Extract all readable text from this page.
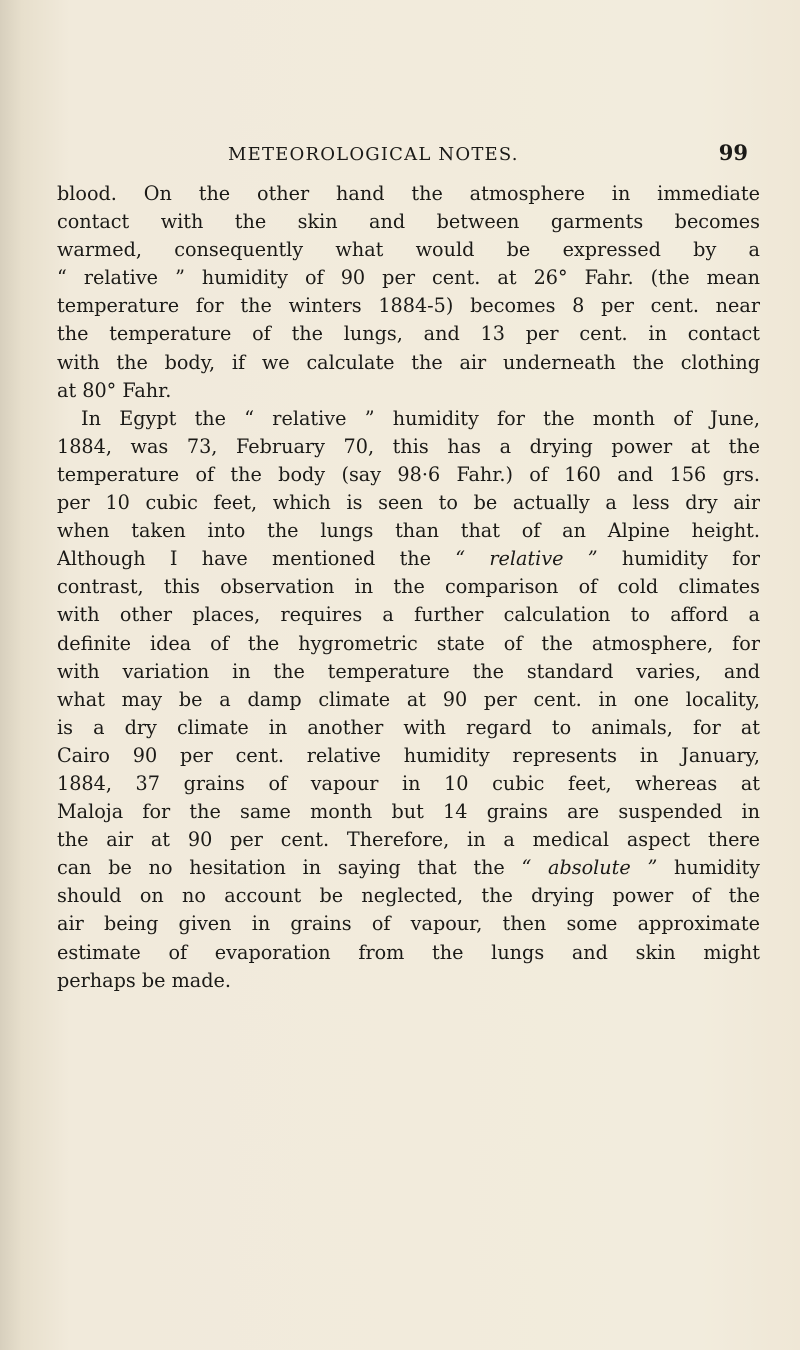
METEOROLOGICAL NOTES.	99

blood. On the other hand the atmosphere in immediate
contact with the skin and between garments becomes
warmed, consequently what would be expressed by a
“ relative ” humidity of 90 per cent. at 26° Fahr. (the mean
temperature for the winters 1884-5) becomes 8 per cent. near
the temperature of the lungs, and 13 per cent. in contact
with the body, if we calculate the air underneath the clothing
at 80° Fahr.

In Egypt the “ relative ” humidity for the month of June,
1884, was 73, February 70, this has a drying power at the
temperature of the body (say 98·6 Fahr.) of 160 and 156 grs.
per 10 cubic feet, which is seen to be actually a less dry air
when taken into the lungs than that of an Alpine height.
Although I have mentioned the “ relative ” humidity for
contrast, this observation in the comparison of cold climates
with other places, requires a further calculation to afford a
definite idea of the hygrometric state of the atmosphere, for
with variation in the temperature the standard varies, and
what may be a damp climate at 90 per cent. in one locality,
is a dry climate in another with regard to animals, for at
Cairo 90 per cent. relative humidity represents in January,
1884, 37 grains of vapour in 10 cubic feet, whereas at
Maloja for the same month but 14 grains are suspended in
the air at 90 per cent. Therefore, in a medical aspect there
can be no hesitation in saying that the “ absolute ” humidity
should on no account be neglected, the drying power of the
air being given in grains of vapour, then some approximate
estimate of evaporation from the lungs and skin might
perhaps be made.
